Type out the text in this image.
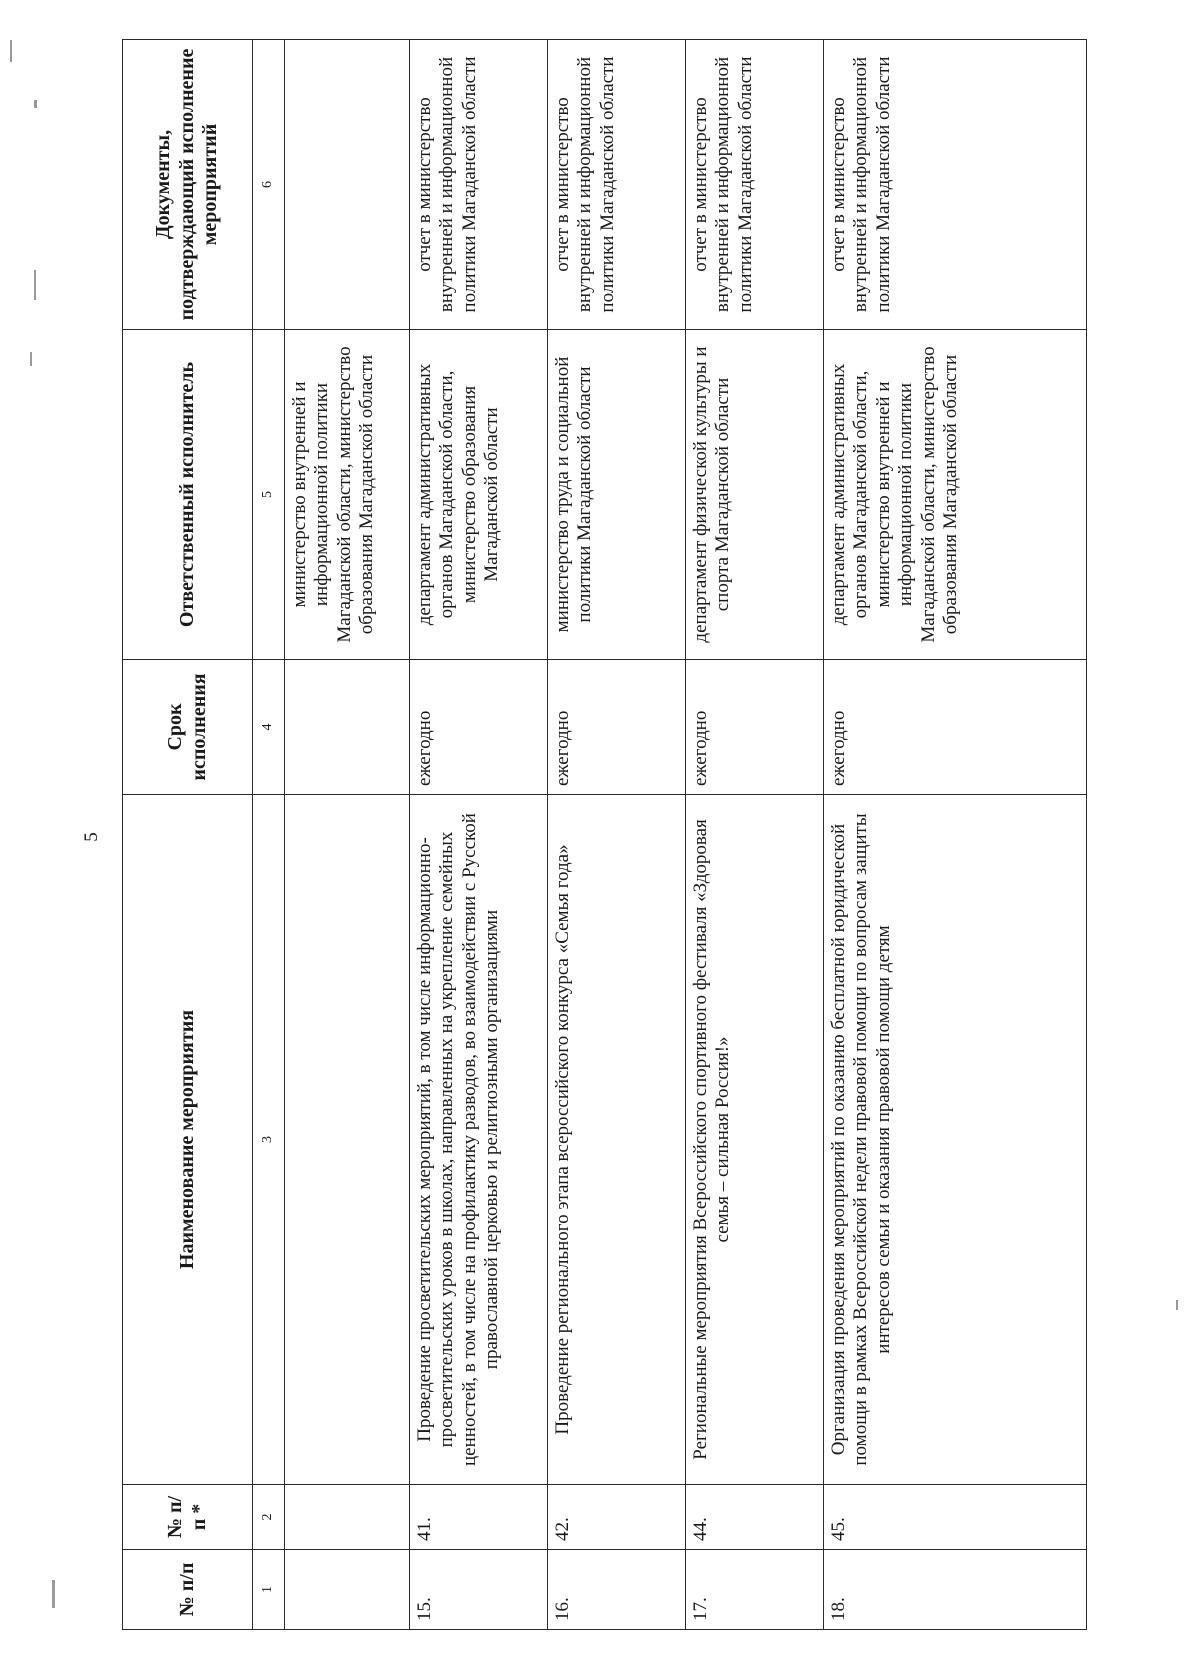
5
№ п/п	№ п/п *	Наименование мероприятия	Срок исполнения	Ответственный исполнитель	Документы, подтверждающий исполнение мероприятий
1	2	3	4	5	6
				министерство внутренней и информационной политики Магаданской области, министерство образования Магаданской области	
15.	41.	Проведение просветительских мероприятий, в том числе информационно-просветительских уроков в школах, направленных на укрепление семейных ценностей, в том числе на профилактику разводов, во взаимодействии с Русской православной церковью и религиозными организациями	ежегодно	департамент административных органов Магаданской области, министерство образования Магаданской области	отчет в министерство внутренней и информационной политики Магаданской области
16.	42.	Проведение регионального этапа всероссийского конкурса «Семья года»	ежегодно	министерство труда и социальной политики Магаданской области	отчет в министерство внутренней и информационной политики Магаданской области
17.	44.	Региональные мероприятия Всероссийского спортивного фестиваля «Здоровая семья – сильная Россия!»	ежегодно	департамент физической культуры и спорта Магаданской области	отчет в министерство внутренней и информационной политики Магаданской области
18.	45.	Организация проведения мероприятий по оказанию бесплатной юридической помощи в рамках Всероссийской недели правовой помощи по вопросам защиты интересов семьи и оказания правовой помощи детям	ежегодно	департамент административных органов Магаданской области, министерство внутренней и информационной политики Магаданской области, министерство образования Магаданской области	отчет в министерство внутренней и информационной политики Магаданской области
